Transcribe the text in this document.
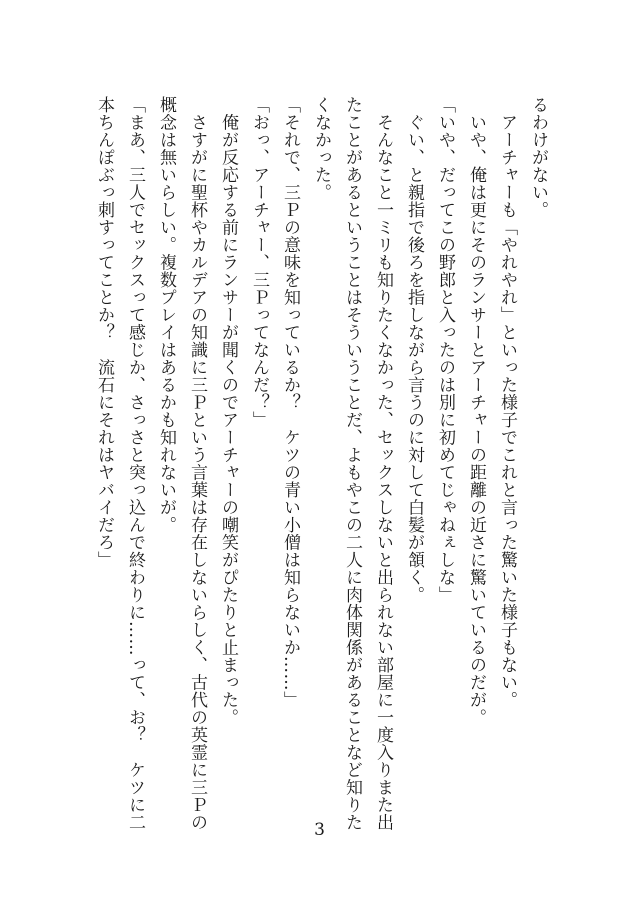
るわけがない。
　アーチャーも「やれやれ」といった様子でこれと言った驚いた様子もない。
　いや、俺は更にそのランサーとアーチャーの距離の近さに驚いているのだが。
「いや、だってこの野郎と入ったのは別に初めてじゃねぇしな」
　ぐい、と親指で後ろを指しながら言うのに対して白髪が頷く。
　そんなこと一ミリも知りたくなかった、セックスしないと出られない部屋に一度入りまた出
たことがあるということはそういうことだ、よもやこの二人に肉体関係があることなど知りた
くなかった。
「それで、三Ｐの意味を知っているか？　ケツの青い小僧は知らないか……」
「おっ、アーチャー、三Ｐってなんだ？」
　俺が反応する前にランサーが聞くのでアーチャーの嘲笑がぴたりと止まった。
　さすがに聖杯やカルデアの知識に三Ｐという言葉は存在しないらしく、古代の英霊に三Ｐの
概念は無いらしい。複数プレイはあるかも知れないが。
「まあ、三人でセックスって感じか、さっさと突っ込んで終わりに……って、お？　ケツに二
本ちんぽぶっ刺すってことか？　流石にそれはヤバイだろ」
3
